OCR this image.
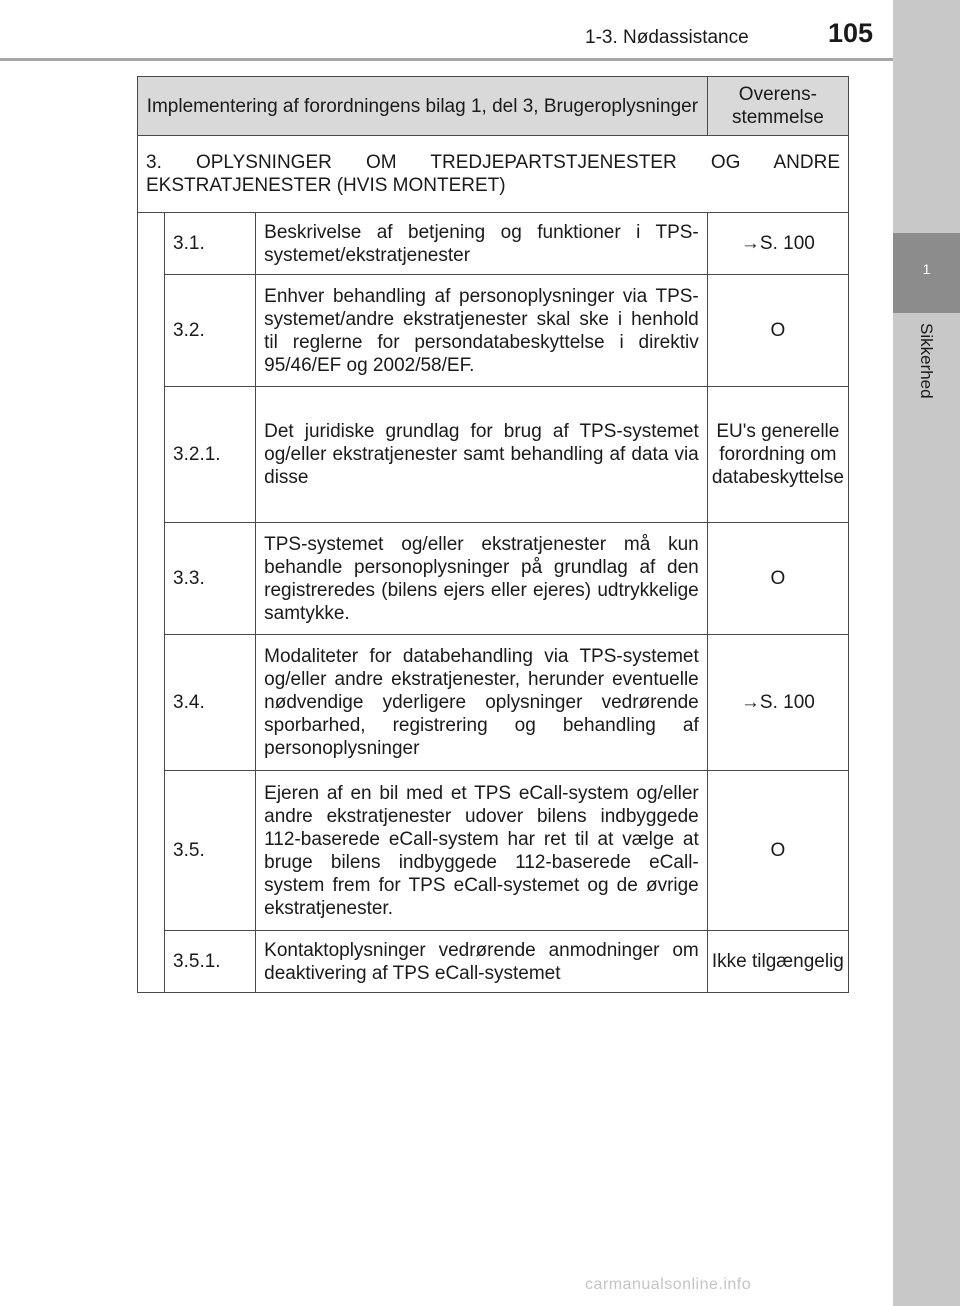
1-3. Nødassistance	105
1
Sikkerhed
Implementering af forordningens bilag 1, del 3, Brugeroplysninger			Overens-stemmelse
3. OPLYSNINGER OM TREDJEPARTSTJENESTER OG ANDRE EKSTRATJENESTER (HVIS MONTERET)			
	3.1.	Beskrivelse af betjening og funktioner i TPS-systemet/ekstratjenester	→S. 100
	3.2.	Enhver behandling af personoplysninger via TPS-systemet/andre ekstratjenester skal ske i henhold til reglerne for persondatabeskyttelse i direktiv 95/46/EF og 2002/58/EF.	O
	3.2.1.	Det juridiske grundlag for brug af TPS-systemet og/eller ekstratjenester samt behandling af data via disse	EU's generelle forordning om databeskyttelse
	3.3.	TPS-systemet og/eller ekstratjenester må kun behandle personoplysninger på grundlag af den registreredes (bilens ejers eller ejeres) udtrykkelige samtykke.	O
	3.4.	Modaliteter for databehandling via TPS-systemet og/eller andre ekstratjenester, herunder eventuelle nødvendige yderligere oplysninger vedrørende sporbarhed, registrering og behandling af personoplysninger	→S. 100
	3.5.	Ejeren af en bil med et TPS eCall-system og/eller andre ekstratjenester udover bilens indbyggede 112-baserede eCall-system har ret til at vælge at bruge bilens indbyggede 112-baserede eCall-system frem for TPS eCall-systemet og de øvrige ekstratjenester.	O
	3.5.1.	Kontaktoplysninger vedrørende anmodninger om deaktivering af TPS eCall-systemet	Ikke tilgængelig
carmanualsonline.info
